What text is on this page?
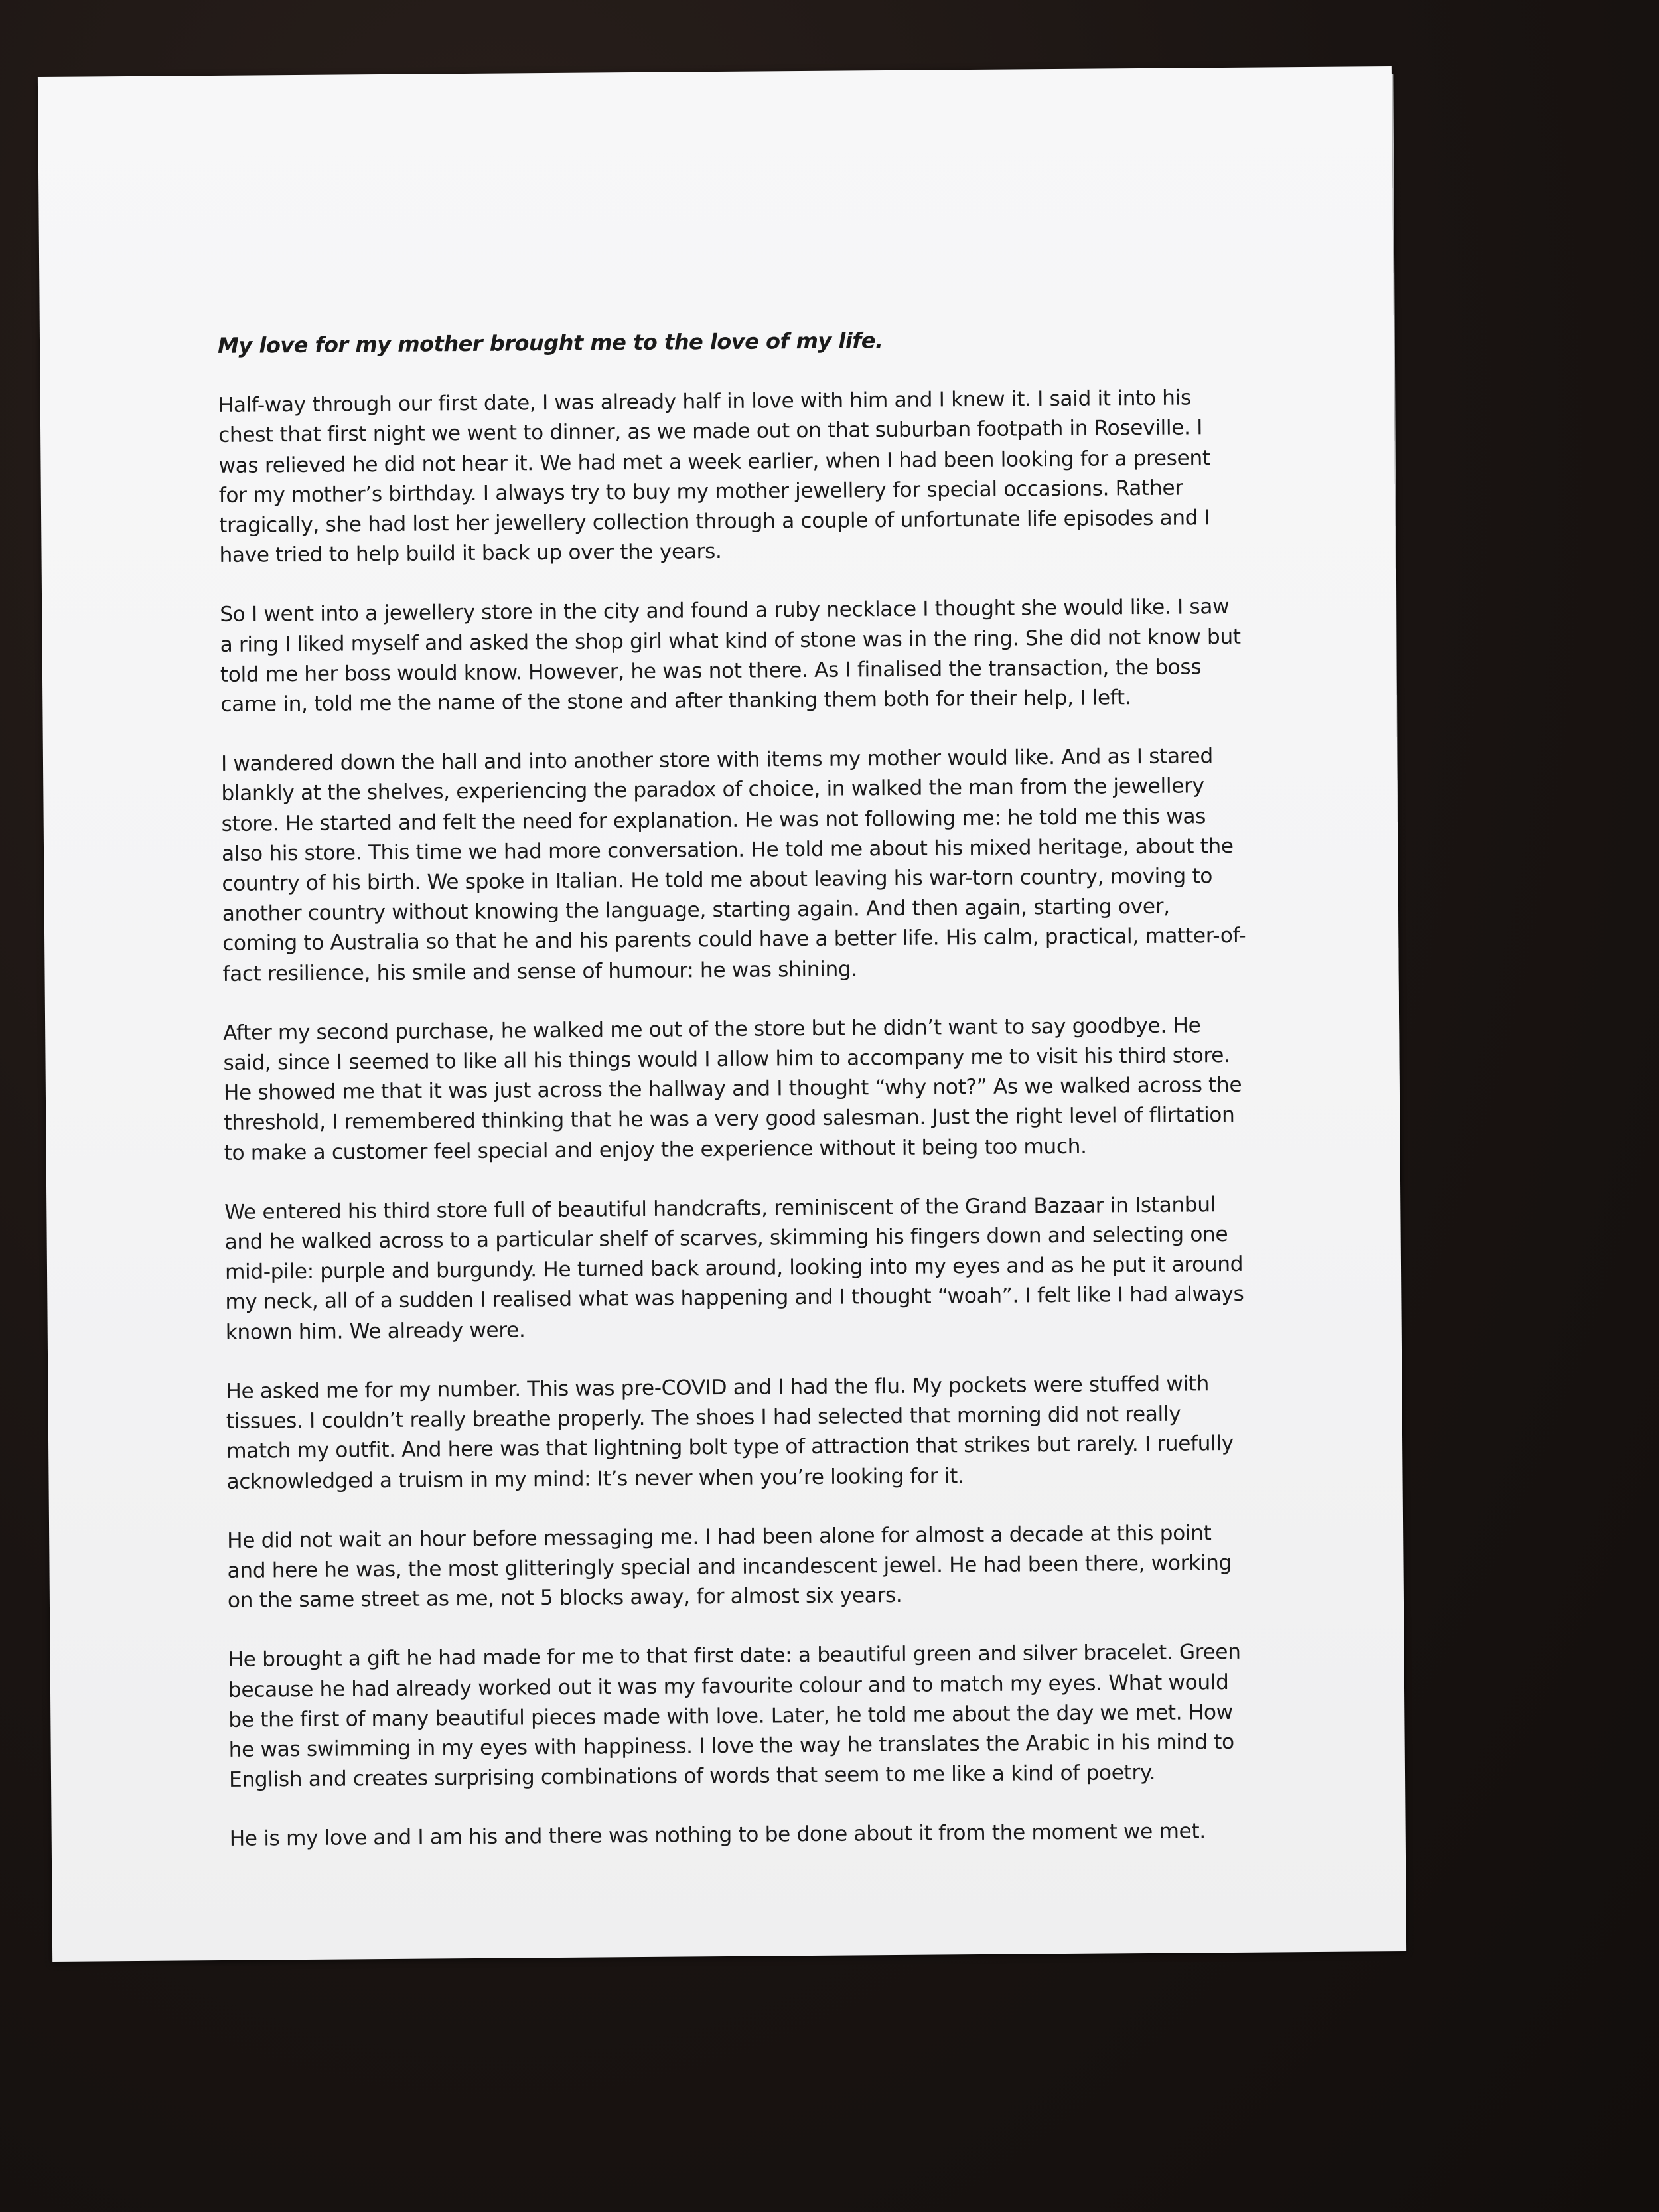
My love for my mother brought me to the love of my life.

Half-way through our first date, I was already half in love with him and I knew it. I said it into his
chest that first night we went to dinner, as we made out on that suburban footpath in Roseville. I
was relieved he did not hear it. We had met a week earlier, when I had been looking for a present
for my mother’s birthday. I always try to buy my mother jewellery for special occasions. Rather
tragically, she had lost her jewellery collection through a couple of unfortunate life episodes and I
have tried to help build it back up over the years.

So I went into a jewellery store in the city and found a ruby necklace I thought she would like. I saw
a ring I liked myself and asked the shop girl what kind of stone was in the ring. She did not know but
told me her boss would know. However, he was not there. As I finalised the transaction, the boss
came in, told me the name of the stone and after thanking them both for their help, I left.

I wandered down the hall and into another store with items my mother would like. And as I stared
blankly at the shelves, experiencing the paradox of choice, in walked the man from the jewellery
store. He started and felt the need for explanation. He was not following me: he told me this was
also his store. This time we had more conversation. He told me about his mixed heritage, about the
country of his birth. We spoke in Italian. He told me about leaving his war-torn country, moving to
another country without knowing the language, starting again. And then again, starting over,
coming to Australia so that he and his parents could have a better life. His calm, practical, matter-of-
fact resilience, his smile and sense of humour: he was shining.

After my second purchase, he walked me out of the store but he didn’t want to say goodbye. He
said, since I seemed to like all his things would I allow him to accompany me to visit his third store.
He showed me that it was just across the hallway and I thought “why not?” As we walked across the
threshold, I remembered thinking that he was a very good salesman. Just the right level of flirtation
to make a customer feel special and enjoy the experience without it being too much.

We entered his third store full of beautiful handcrafts, reminiscent of the Grand Bazaar in Istanbul
and he walked across to a particular shelf of scarves, skimming his fingers down and selecting one
mid-pile: purple and burgundy. He turned back around, looking into my eyes and as he put it around
my neck, all of a sudden I realised what was happening and I thought “woah”. I felt like I had always
known him. We already were.

He asked me for my number. This was pre-COVID and I had the flu. My pockets were stuffed with
tissues. I couldn’t really breathe properly. The shoes I had selected that morning did not really
match my outfit. And here was that lightning bolt type of attraction that strikes but rarely. I ruefully
acknowledged a truism in my mind: It’s never when you’re looking for it.

He did not wait an hour before messaging me. I had been alone for almost a decade at this point
and here he was, the most glitteringly special and incandescent jewel. He had been there, working
on the same street as me, not 5 blocks away, for almost six years.

He brought a gift he had made for me to that first date: a beautiful green and silver bracelet. Green
because he had already worked out it was my favourite colour and to match my eyes. What would
be the first of many beautiful pieces made with love. Later, he told me about the day we met. How
he was swimming in my eyes with happiness. I love the way he translates the Arabic in his mind to
English and creates surprising combinations of words that seem to me like a kind of poetry.

He is my love and I am his and there was nothing to be done about it from the moment we met.
